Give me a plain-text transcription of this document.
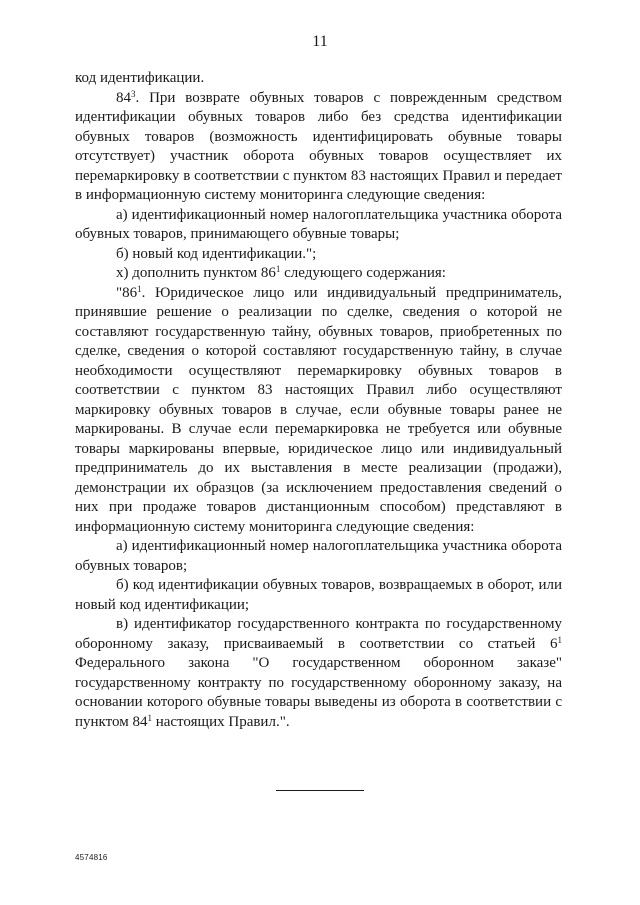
11

код идентификации.

$84^3$. При возврате обувных товаров с поврежденным средством идентификации обувных товаров либо без средства идентификации обувных товаров (возможность идентифицировать обувные товары отсутствует) участник оборота обувных товаров осуществляет их перемаркировку в соответствии с пунктом 83 настоящих Правил и передает в информационную систему мониторинга следующие сведения:

а) идентификационный номер налогоплательщика участника оборота обувных товаров, принимающего обувные товары;

б) новый код идентификации.";

х) дополнить пунктом $86^1$ следующего содержания:

"$86^1$. Юридическое лицо или индивидуальный предприниматель, принявшие решение о реализации по сделке, сведения о которой не составляют государственную тайну, обувных товаров, приобретенных по сделке, сведения о которой составляют государственную тайну, в случае необходимости осуществляют перемаркировку обувных товаров в соответствии с пунктом 83 настоящих Правил либо осуществляют маркировку обувных товаров в случае, если обувные товары ранее не маркированы. В случае если перемаркировка не требуется или обувные товары маркированы впервые, юридическое лицо или индивидуальный предприниматель до их выставления в месте реализации (продажи), демонстрации их образцов (за исключением предоставления сведений о них при продаже товаров дистанционным способом) представляют в информационную систему мониторинга следующие сведения:

а) идентификационный номер налогоплательщика участника оборота обувных товаров;

б) код идентификации обувных товаров, возвращаемых в оборот, или новый код идентификации;

в) идентификатор государственного контракта по государственному оборонному заказу, присваиваемый в соответствии со статьей $6^1$ Федерального закона "О государственном оборонном заказе" государственному контракту по государственному оборонному заказу, на основании которого обувные товары выведены из оборота в соответствии с пунктом $84^1$ настоящих Правил.".

4574816
